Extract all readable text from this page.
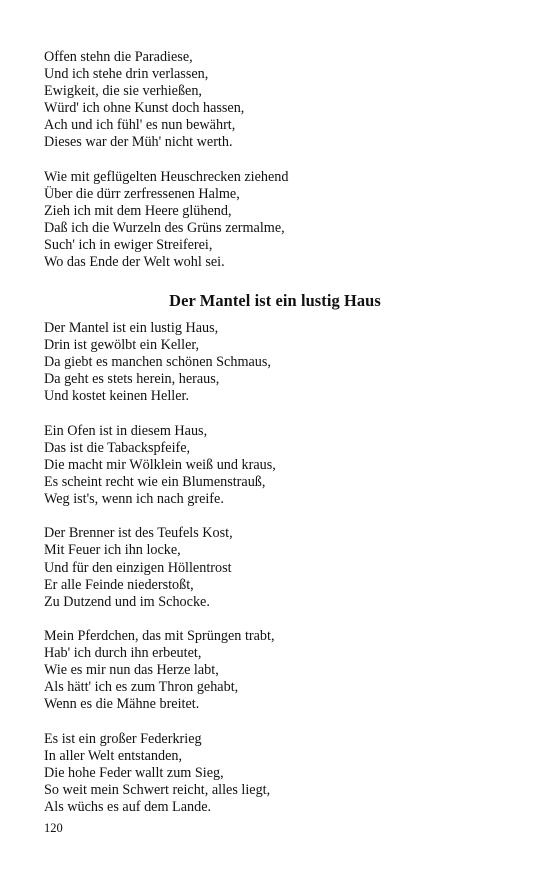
Offen stehn die Paradiese,
Und ich stehe drin verlassen,
Ewigkeit, die sie verhießen,
Würd' ich ohne Kunst doch hassen,
Ach und ich fühl' es nun bewährt,
Dieses war der Müh' nicht werth.
Wie mit geflügelten Heuschrecken ziehend
Über die dürr zerfressenen Halme,
Zieh ich mit dem Heere glühend,
Daß ich die Wurzeln des Grüns zermalme,
Such' ich in ewiger Streiferei,
Wo das Ende der Welt wohl sei.
Der Mantel ist ein lustig Haus
Der Mantel ist ein lustig Haus,
Drin ist gewölbt ein Keller,
Da giebt es manchen schönen Schmaus,
Da geht es stets herein, heraus,
Und kostet keinen Heller.
Ein Ofen ist in diesem Haus,
Das ist die Tabackspfeife,
Die macht mir Wölklein weiß und kraus,
Es scheint recht wie ein Blumenstrauß,
Weg ist's, wenn ich nach greife.
Der Brenner ist des Teufels Kost,
Mit Feuer ich ihn locke,
Und für den einzigen Höllentrost
Er alle Feinde niederstoßt,
Zu Dutzend und im Schocke.
Mein Pferdchen, das mit Sprüngen trabt,
Hab' ich durch ihn erbeutet,
Wie es mir nun das Herze labt,
Als hätt' ich es zum Thron gehabt,
Wenn es die Mähne breitet.
Es ist ein großer Federkrieg
In aller Welt entstanden,
Die hohe Feder wallt zum Sieg,
So weit mein Schwert reicht, alles liegt,
Als wüchs es auf dem Lande.
120
